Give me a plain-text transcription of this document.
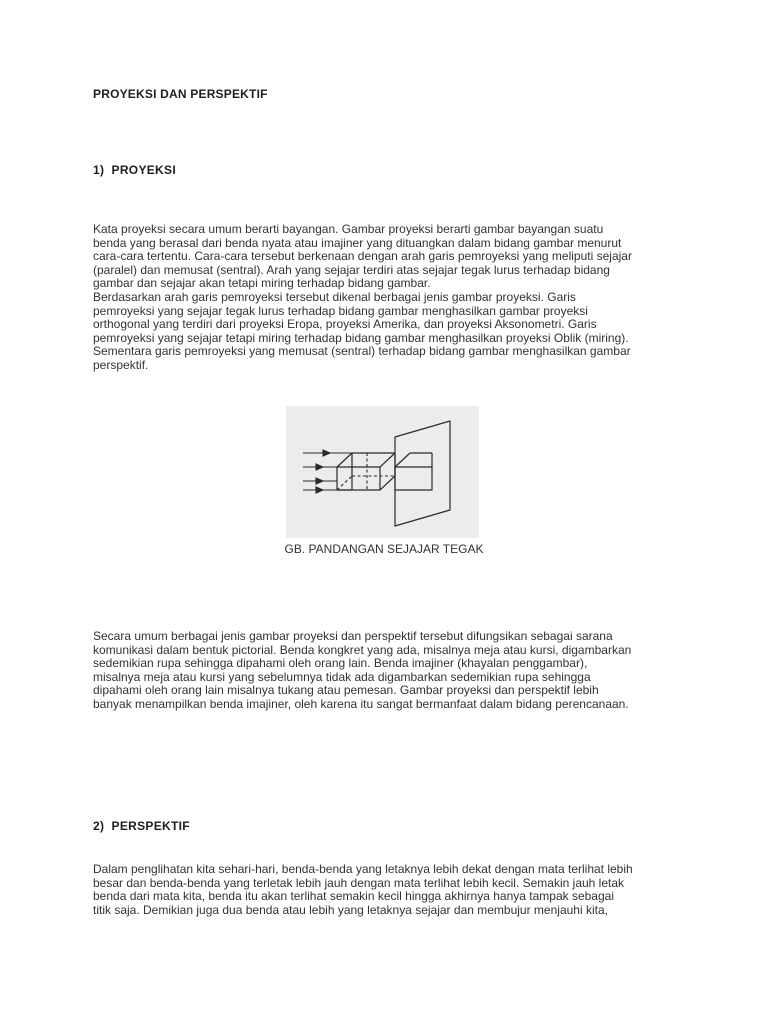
PROYEKSI DAN PERSPEKTIF
1)  PROYEKSI
Kata proyeksi secara umum berarti bayangan. Gambar proyeksi berarti gambar bayangan suatu
benda yang berasal dari benda nyata atau imajiner yang dituangkan dalam bidang gambar menurut
cara-cara tertentu. Cara-cara tersebut berkenaan dengan arah garis pemroyeksi yang meliputi sejajar
(paralel) dan memusat (sentral). Arah yang sejajar terdiri atas sejajar tegak lurus terhadap bidang
gambar dan sejajar akan tetapi miring terhadap bidang gambar.
Berdasarkan arah garis pemroyeksi tersebut dikenal berbagai jenis gambar proyeksi. Garis
pemroyeksi yang sejajar tegak lurus terhadap bidang gambar menghasilkan gambar proyeksi
orthogonal yang terdiri dari proyeksi Eropa, proyeksi Amerika, dan proyeksi Aksonometri. Garis
pemroyeksi yang sejajar tetapi miring terhadap bidang gambar menghasilkan proyeksi Oblik (miring).
Sementara garis pemroyeksi yang memusat (sentral) terhadap bidang gambar menghasilkan gambar
perspektif.
GB. PANDANGAN SEJAJAR TEGAK
Secara umum berbagai jenis gambar proyeksi dan perspektif tersebut difungsikan sebagai sarana
komunikasi dalam bentuk pictorial. Benda kongkret yang ada, misalnya meja atau kursi, digambarkan
sedemikian rupa sehingga dipahami oleh orang lain. Benda imajiner (khayalan penggambar),
misalnya meja atau kursi yang sebelumnya tidak ada digambarkan sedemikian rupa sehingga
dipahami oleh orang lain misalnya tukang atau pemesan. Gambar proyeksi dan perspektif lebih
banyak menampilkan benda imajiner, oleh karena itu sangat bermanfaat dalam bidang perencanaan.
2)  PERSPEKTIF
Dalam penglihatan kita sehari-hari, benda-benda yang letaknya lebih dekat dengan mata terlihat lebih
besar dan benda-benda yang terletak lebih jauh dengan mata terlihat lebih kecil. Semakin jauh letak
benda dari mata kita, benda itu akan terlihat semakin kecil hingga akhirnya hanya tampak sebagai
titik saja. Demikian juga dua benda atau lebih yang letaknya sejajar dan membujur menjauhi kita,
